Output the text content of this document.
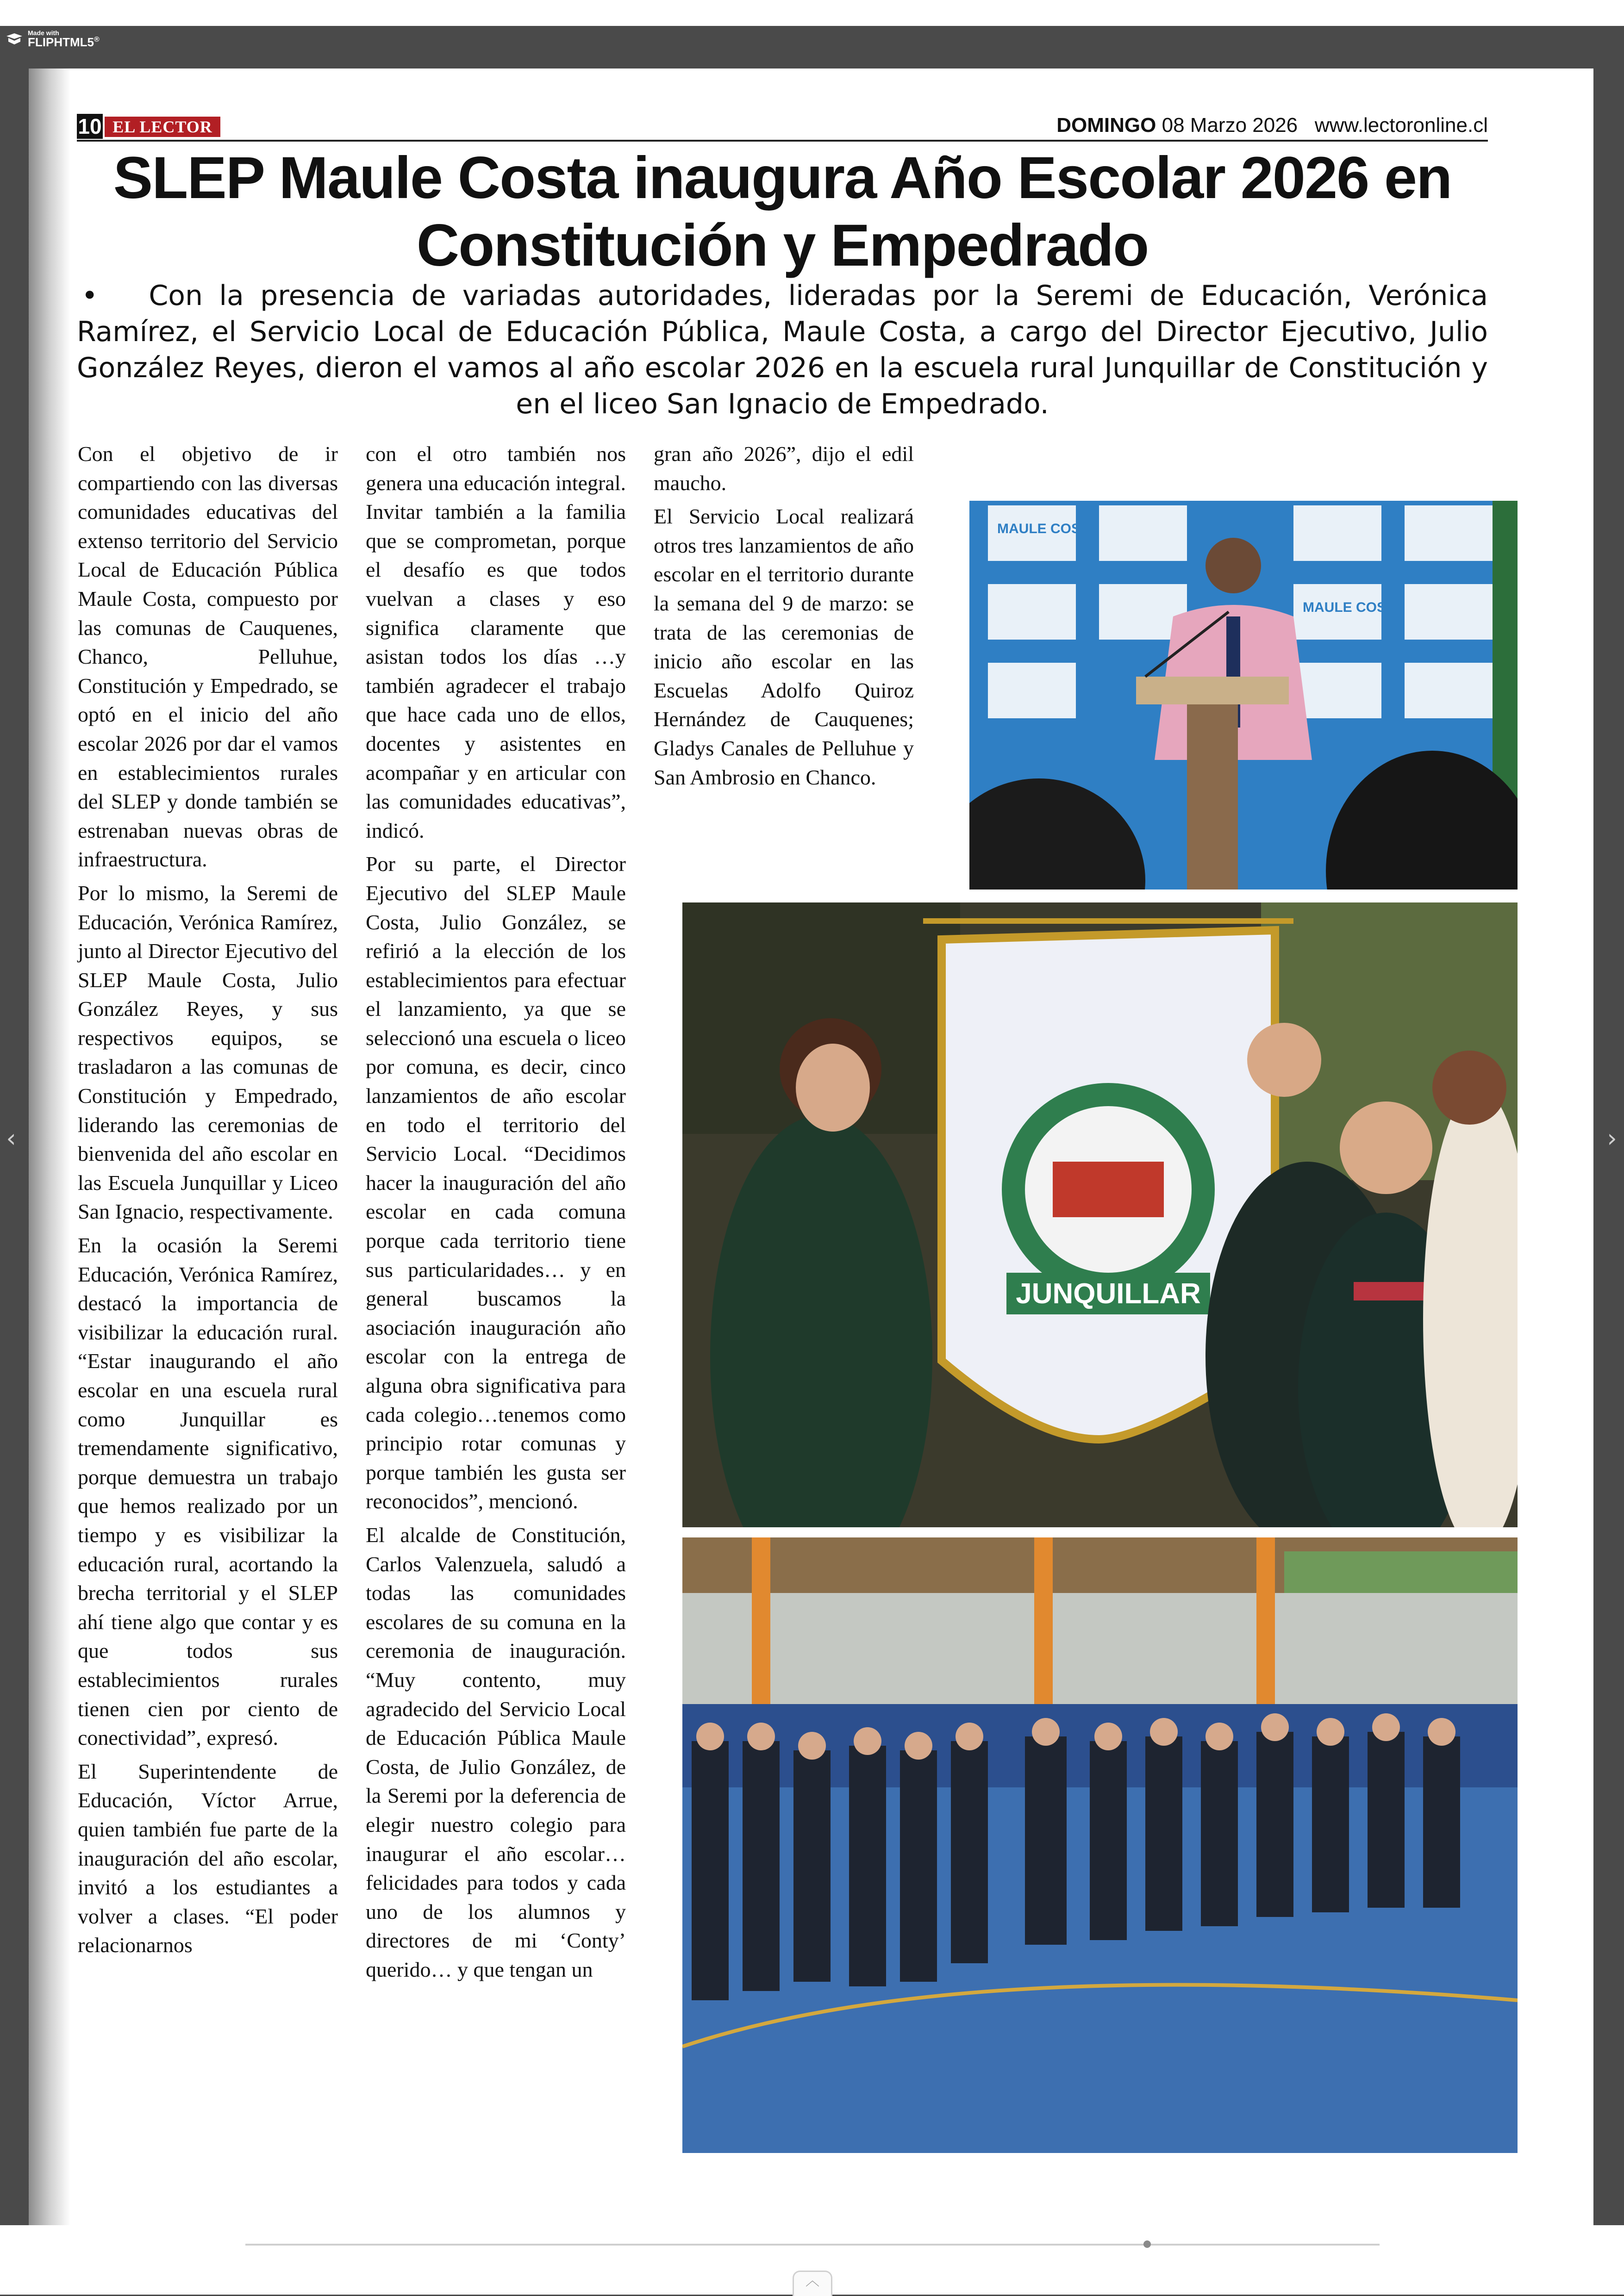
Made with
FLIPHTML5®
‹	›
10 EL LECTOR	DOMINGO 08 Marzo 2026 www.lectoronline.cl
SLEP Maule Costa inaugura Año Escolar 2026 en
Constitución y Empedrado
• Con la presencia de variadas autoridades, lideradas por la Seremi de Educación, Verónica Ramírez, el Servicio Local de Educación Pública, Maule Costa, a cargo del Director Ejecutivo, Julio González Reyes, dieron el vamos al año escolar 2026 en la escuela rural Junquillar de Constitución y en el liceo San Ignacio de Empedrado.

Con el objetivo de ir compartiendo con las diversas comunidades educativas del extenso territorio del Servicio Local de Educación Pública Maule Costa, compuesto por las comunas de Cauquenes, Chanco, Pelluhue, Constitución y Empedrado, se optó en el inicio del año escolar 2026 por dar el vamos en establecimientos rurales del SLEP y donde también se estrenaban nuevas obras de infraestructura.

Por lo mismo, la Seremi de Educación, Verónica Ramírez, junto al Director Ejecutivo del SLEP Maule Costa, Julio González Reyes, y sus respectivos equipos, se trasladaron a las comunas de Constitución y Empedrado, liderando las ceremonias de bienvenida del año escolar en las Escuela Junquillar y Liceo San Ignacio, respectivamente.

En la ocasión la Seremi Educación, Verónica Ramírez, destacó la importancia de visibilizar la educación rural. “Estar inaugurando el año escolar en una escuela rural como Junquillar es tremendamente significativo, porque demuestra un trabajo que hemos realizado por un tiempo y es visibilizar la educación rural, acortando la brecha territorial y el SLEP ahí tiene algo que contar y es que todos sus establecimientos rurales tienen cien por ciento de conectividad”, expresó.

El Superintendente de Educación, Víctor Arrue, quien también fue parte de la inauguración del año escolar, invitó a los estudiantes a volver a clases. “El poder relacionarnos

con el otro también nos genera una educación integral. Invitar también a la familia que se comprometan, porque el desafío es que todos vuelvan a clases y eso significa claramente que asistan todos los días …y también agradecer el trabajo que hace cada uno de ellos, docentes y asistentes en acompañar y en articular con las comunidades educativas”, indicó.

Por su parte, el Director Ejecutivo del SLEP Maule Costa, Julio González, se refirió a la elección de los establecimientos para efectuar el lanzamiento, ya que se seleccionó una escuela o liceo por comuna, es decir, cinco lanzamientos de año escolar en todo el territorio del Servicio Local. “Decidimos hacer la inauguración del año escolar en cada comuna porque cada territorio tiene sus particularidades… y en general buscamos la asociación inauguración año escolar con la entrega de alguna obra significativa para cada colegio…tenemos como principio rotar comunas y porque también les gusta ser reconocidos”, mencionó.

El alcalde de Constitución, Carlos Valenzuela, saludó a todas las comunidades escolares de su comuna en la ceremonia de inauguración. “Muy contento, muy agradecido del Servicio Local de Educación Pública Maule Costa, de Julio González, de la Seremi por la deferencia de elegir nuestro colegio para inaugurar el año escolar… felicidades para todos y cada uno de los alumnos y directores de mi ‘Conty’ querido… y que tengan un

gran año 2026”, dijo el edil maucho.

El Servicio Local realizará otros tres lanzamientos de año escolar en el territorio durante la semana del 9 de marzo: se trata de las ceremonias de inicio año escolar en las Escuelas Adolfo Quiroz Hernández de Cauquenes; Gladys Canales de Pelluhue y San Ambrosio en Chanco.

MAULE COSTA
MAULE COSTA
JUNQUILLAR
︿
